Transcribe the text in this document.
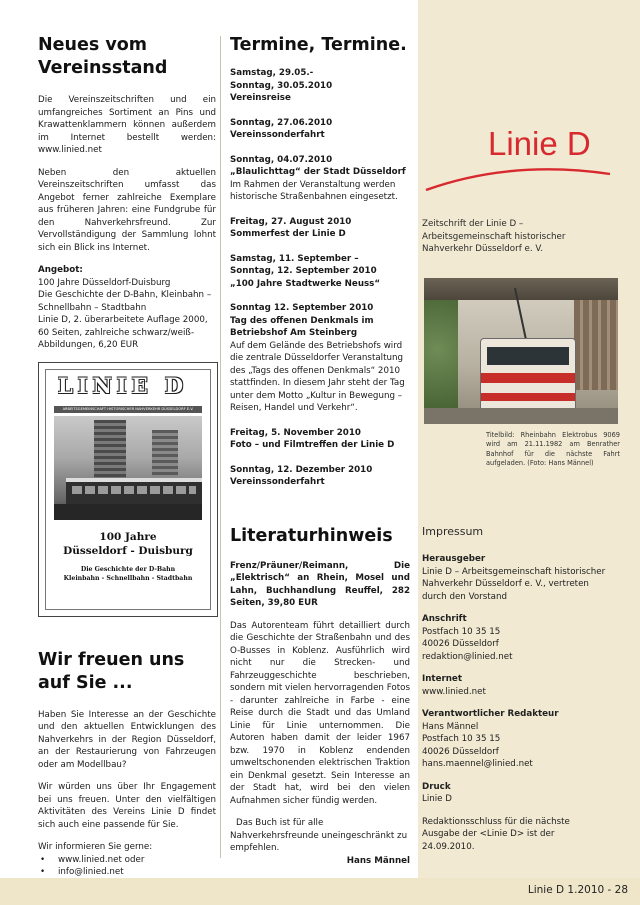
Neues vom Vereinsstand

Die Vereinszeitschriften und ein umfangreiches Sortiment an Pins und Krawattenklammern können außerdem im Internet bestellt werden: www.linied.net

Neben den aktuellen Vereinszeitschriften umfasst das Angebot ferner zahlreiche Exemplare aus früheren Jahren: eine Fundgrube für den Nahverkehrsfreund. Zur Vervollständigung der Sammlung lohnt sich ein Blick ins Internet.

Angebot:
100 Jahre Düsseldorf-Duisburg
Die Geschichte der D-Bahn, Kleinbahn – Schnellbahn – Stadtbahn
Linie D, 2. überarbeitete Auflage 2000, 60 Seiten, zahlreiche schwarz/weiß-Abbildungen, 6,20 EUR
LINIE D
ARBEITSGEMEINSCHAFT HISTORISCHER NAHVERKEHR DÜSSELDORF E.V.
100 Jahre
Düsseldorf - Duisburg
Die Geschichte der D-Bahn
Kleinbahn - Schnellbahn - Stadtbahn
Wir freuen uns auf Sie ...

Haben Sie Interesse an der Geschichte und den aktuellen Entwicklungen des Nahverkehrs in der Region Düsseldorf, an der Restaurierung von Fahrzeugen oder am Modellbau?

Wir würden uns über Ihr Engagement bei uns freuen. Unter den vielfältigen Aktivitäten des Vereins Linie D findet sich auch eine passende für Sie.

Wir informieren Sie gerne:
• www.linied.net oder
• info@linied.net
Termine, Termine.
Samstag, 29.05.-
Sonntag, 30.05.2010
Vereinsreise
Sonntag, 27.06.2010
Vereinssonderfahrt
Sonntag, 04.07.2010
„Blaulichttag“ der Stadt Düsseldorf
Im Rahmen der Veranstaltung werden historische Straßenbahnen eingesetzt.
Freitag, 27. August 2010
Sommerfest der Linie D
Samstag, 11. September –
Sonntag, 12. September 2010
„100 Jahre Stadtwerke Neuss“
Sonntag 12. September 2010
Tag des offenen Denkmals im Betriebshof Am Steinberg
Auf dem Gelände des Betriebshofs wird die zentrale Düsseldorfer Veranstaltung des „Tags des offenen Denkmals“ 2010 stattfinden. In diesem Jahr steht der Tag unter dem Motto „Kultur in Bewegung – Reisen, Handel und Verkehr“.
Freitag, 5. November 2010
Foto – und Filmtreffen der Linie D
Sonntag, 12. Dezember 2010
Vereinssonderfahrt
Literaturhinweis

Frenz/Präuner/Reimann, Die „Elektrisch“ an Rhein, Mosel und Lahn, Buchhandlung Reuffel, 282 Seiten, 39,80 EUR

Das Autorenteam führt detailliert durch die Geschichte der Straßenbahn und des O-Busses in Koblenz. Ausführlich wird nicht nur die Strecken- und Fahrzeuggeschichte beschrieben, sondern mit vielen hervorragenden Fotos - darunter zahlreiche in Farbe - eine Reise durch die Stadt und das Umland Linie für Linie unternommen. Die Autoren haben damit der leider 1967 bzw. 1970 in Koblenz endenden umweltschonenden elektrischen Traktion ein Denkmal gesetzt. Sein Interesse an der Stadt hat, wird bei den vielen Aufnahmen sicher fündig werden.

Das Buch ist für alle Nahverkehrsfreunde uneingeschränkt zu empfehlen.

Hans Männel
Linie D
Zeitschrift der Linie D – Arbeitsgemeinschaft historischer Nahverkehr Düsseldorf e. V.
Titelbild: Rheinbahn Elektrobus 9069 wird am 21.11.1982 am Benrather Bahnhof für die nächste Fahrt aufgeladen. (Foto: Hans Männel)
Impressum
Herausgeber
Linie D – Arbeitsgemeinschaft historischer Nahverkehr Düsseldorf e. V., vertreten durch den Vorstand
Anschrift
Postfach 10 35 15
40026 Düsseldorf
redaktion@linied.net
Internet
www.linied.net
Verantwortlicher Redakteur
Hans Männel
Postfach 10 35 15
40026 Düsseldorf
hans.maennel@linied.net
Druck
Linie D
Redaktionsschluss für die nächste Ausgabe der <Linie D> ist der 24.09.2010.
Linie D 1.2010 - 28
